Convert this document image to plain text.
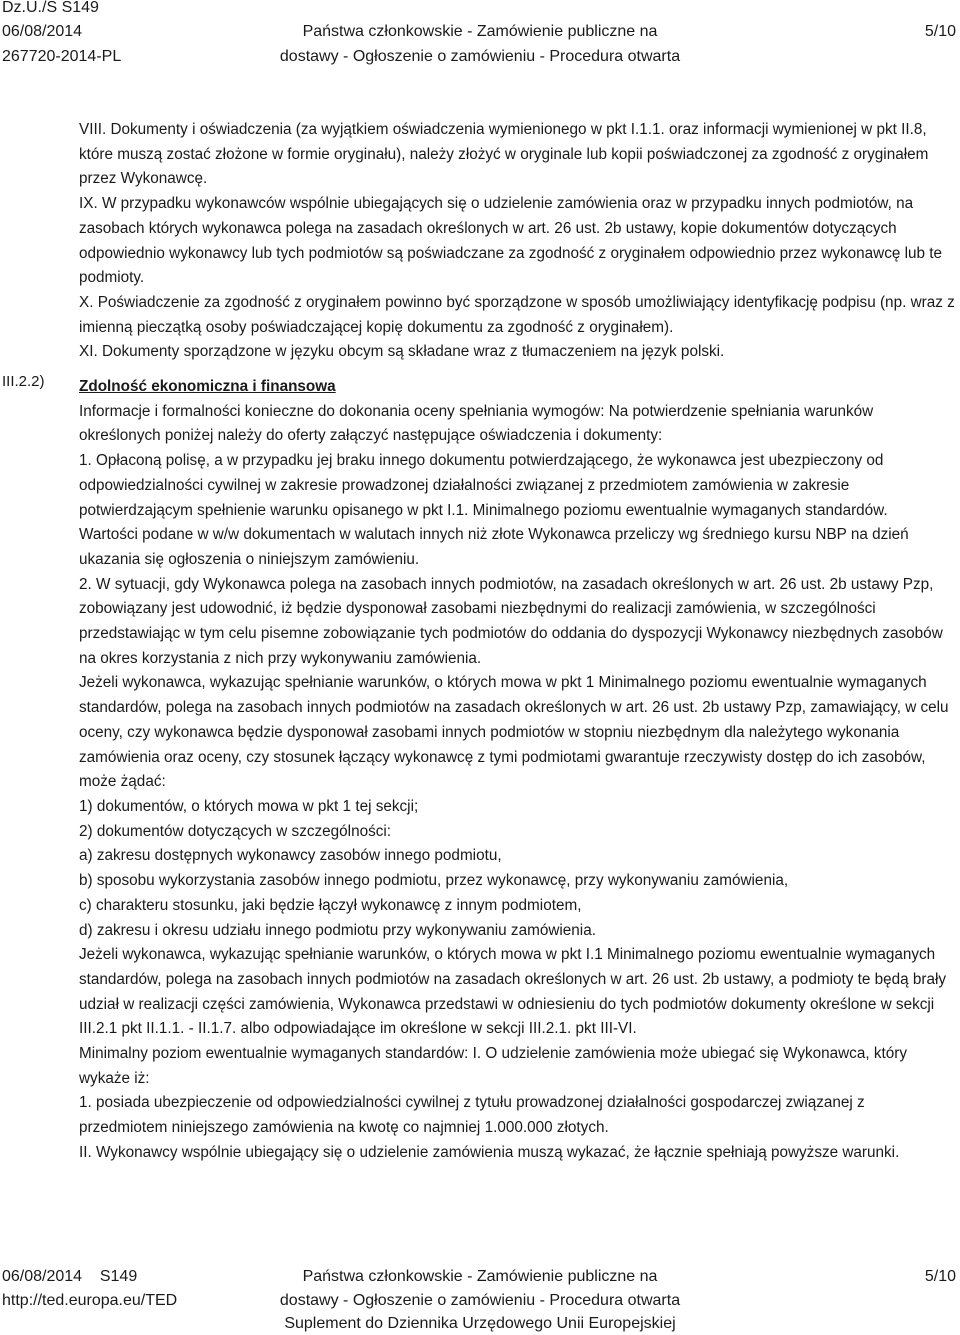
Dz.U./S S149
06/08/2014
267720-2014-PL
Państwa członkowskie - Zamówienie publiczne na
dostawy - Ogłoszenie o zamówieniu - Procedura otwarta
5/10
III.2.2)

VIII. Dokumenty i oświadczenia (za wyjątkiem oświadczenia wymienionego w pkt I.1.1. oraz informacji wymienionej w pkt II.8, które muszą zostać złożone w formie oryginału), należy złożyć w oryginale lub kopii poświadczonej za zgodność z oryginałem przez Wykonawcę.

IX. W przypadku wykonawców wspólnie ubiegających się o udzielenie zamówienia oraz w przypadku innych podmiotów, na zasobach których wykonawca polega na zasadach określonych w art. 26 ust. 2b ustawy, kopie dokumentów dotyczących odpowiednio wykonawcy lub tych podmiotów są poświadczane za zgodność z oryginałem odpowiednio przez wykonawcę lub te podmioty.

X. Poświadczenie za zgodność z oryginałem powinno być sporządzone w sposób umożliwiający identyfikację podpisu (np. wraz z imienną pieczątką osoby poświadczającej kopię dokumentu za zgodność z oryginałem).

XI. Dokumenty sporządzone w języku obcym są składane wraz z tłumaczeniem na język polski.

Zdolność ekonomiczna i finansowa

Informacje i formalności konieczne do dokonania oceny spełniania wymogów: Na potwierdzenie spełniania warunków określonych poniżej należy do oferty załączyć następujące oświadczenia i dokumenty:

1. Opłaconą polisę, a w przypadku jej braku innego dokumentu potwierdzającego, że wykonawca jest ubezpieczony od odpowiedzialności cywilnej w zakresie prowadzonej działalności związanej z przedmiotem zamówienia w zakresie potwierdzającym spełnienie warunku opisanego w pkt I.1. Minimalnego poziomu ewentualnie wymaganych standardów.

Wartości podane w w/w dokumentach w walutach innych niż złote Wykonawca przeliczy wg średniego kursu NBP na dzień ukazania się ogłoszenia o niniejszym zamówieniu.

2. W sytuacji, gdy Wykonawca polega na zasobach innych podmiotów, na zasadach określonych w art. 26 ust. 2b ustawy Pzp, zobowiązany jest udowodnić, iż będzie dysponował zasobami niezbędnymi do realizacji zamówienia, w szczególności przedstawiając w tym celu pisemne zobowiązanie tych podmiotów do oddania do dyspozycji Wykonawcy niezbędnych zasobów na okres korzystania z nich przy wykonywaniu zamówienia.

Jeżeli wykonawca, wykazując spełnianie warunków, o których mowa w pkt 1 Minimalnego poziomu ewentualnie wymaganych standardów, polega na zasobach innych podmiotów na zasadach określonych w art. 26 ust. 2b ustawy Pzp, zamawiający, w celu oceny, czy wykonawca będzie dysponował zasobami innych podmiotów w stopniu niezbędnym dla należytego wykonania zamówienia oraz oceny, czy stosunek łączący wykonawcę z tymi podmiotami gwarantuje rzeczywisty dostęp do ich zasobów, może żądać:

1) dokumentów, o których mowa w pkt 1 tej sekcji;

2) dokumentów dotyczących w szczególności:

a) zakresu dostępnych wykonawcy zasobów innego podmiotu,

b) sposobu wykorzystania zasobów innego podmiotu, przez wykonawcę, przy wykonywaniu zamówienia,

c) charakteru stosunku, jaki będzie łączył wykonawcę z innym podmiotem,

d) zakresu i okresu udziału innego podmiotu przy wykonywaniu zamówienia.

Jeżeli wykonawca, wykazując spełnianie warunków, o których mowa w pkt I.1 Minimalnego poziomu ewentualnie wymaganych standardów, polega na zasobach innych podmiotów na zasadach określonych w art. 26 ust. 2b ustawy, a podmioty te będą brały udział w realizacji części zamówienia, Wykonawca przedstawi w odniesieniu do tych podmiotów dokumenty określone w sekcji III.2.1 pkt II.1.1. - II.1.7. albo odpowiadające im określone w sekcji III.2.1. pkt III-VI.

Minimalny poziom ewentualnie wymaganych standardów: I. O udzielenie zamówienia może ubiegać się Wykonawca, który wykaże iż:

1. posiada ubezpieczenie od odpowiedzialności cywilnej z tytułu prowadzonej działalności gospodarczej związanej z przedmiotem niniejszego zamówienia na kwotę co najmniej 1.000.000 złotych.

II. Wykonawcy wspólnie ubiegający się o udzielenie zamówienia muszą wykazać, że łącznie spełniają powyższe warunki.

06/08/2014 S149
http://ted.europa.eu/TED
Państwa członkowskie - Zamówienie publiczne na
dostawy - Ogłoszenie o zamówieniu - Procedura otwarta
Suplement do Dziennika Urzędowego Unii Europejskiej
5/10
